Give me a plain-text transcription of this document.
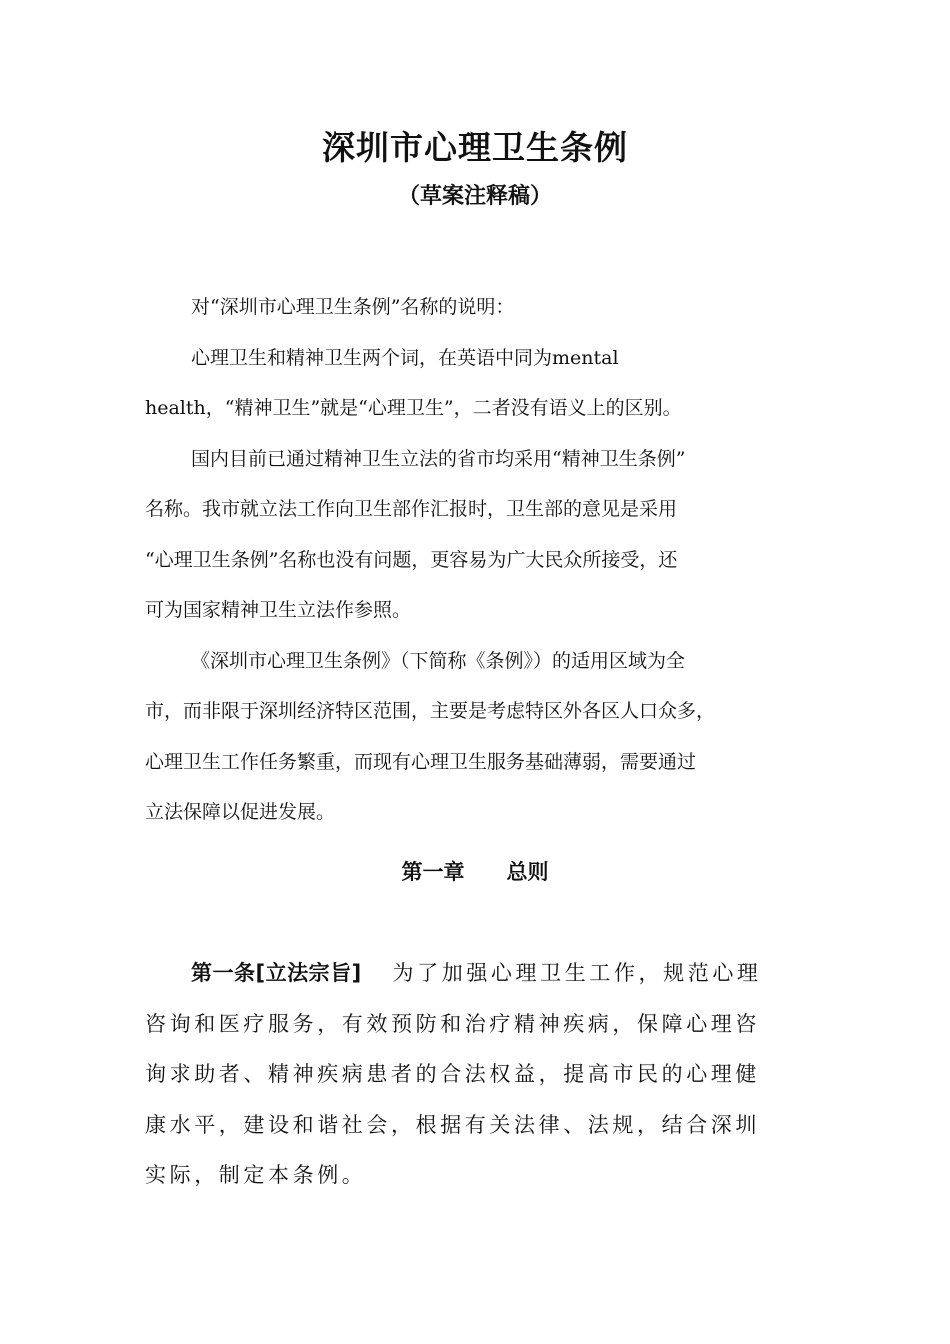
深圳市心理卫生条例
（草案注释稿）
对“深圳市心理卫生条例”名称的说明：
心理卫生和精神卫生两个词，在英语中同为mental
health，“精神卫生”就是“心理卫生”，二者没有语义上的区别。
国内目前已通过精神卫生立法的省市均采用“精神卫生条例”
名称。我市就立法工作向卫生部作汇报时，卫生部的意见是采用
“心理卫生条例”名称也没有问题，更容易为广大民众所接受，还
可为国家精神卫生立法作参照。
《深圳市心理卫生条例》（下简称《条例》）的适用区域为全
市，而非限于深圳经济特区范围，主要是考虑特区外各区人口众多，
心理卫生工作任务繁重，而现有心理卫生服务基础薄弱，需要通过
立法保障以促进发展。
第一章　　总则
第一条[立法宗旨] 为了加强心理卫生工作，规范心理
咨询和医疗服务，有效预防和治疗精神疾病，保障心理咨
询求助者、精神疾病患者的合法权益，提高市民的心理健
康水平，建设和谐社会，根据有关法律、法规，结合深圳
实际，制定本条例。
